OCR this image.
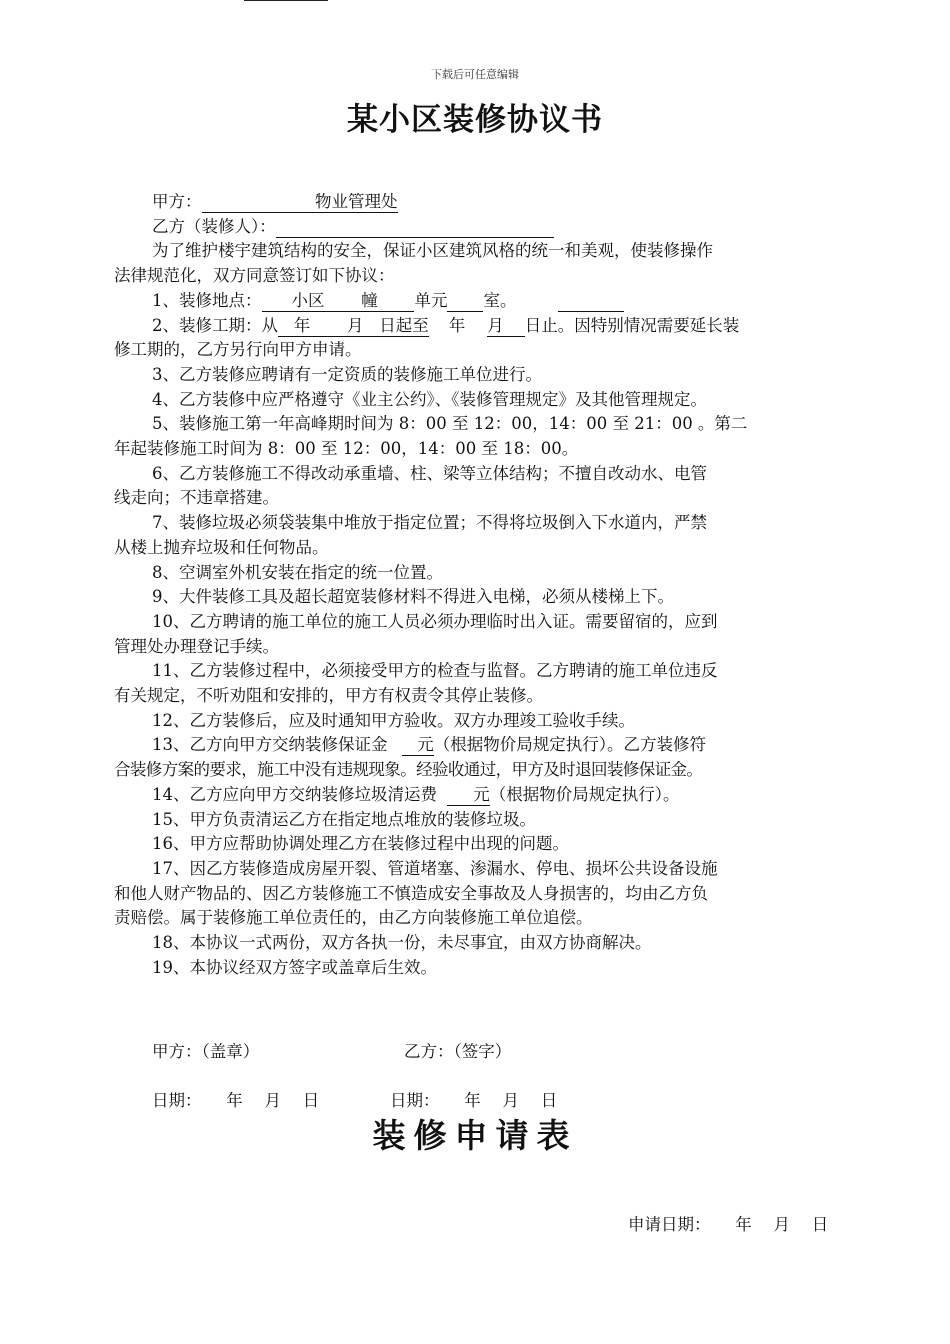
下载后可任意编辑
某小区装修协议书
甲方：	物业管理处
乙方（装修人）：
为了维护楼宇建筑结构的安全，保证小区建筑风格的统一和美观，使装修操作
法律规范化，双方同意签订如下协议：
1、装修地点： 小区 幢 单元 室。
2、装修工期：从 年 月 日起至 年 月 日止。因特别情况需要延长装
修工期的，乙方另行向甲方申请。
3、乙方装修应聘请有一定资质的装修施工单位进行。
4、乙方装修中应严格遵守《业主公约》、《装修管理规定》及其他管理规定。
5、装修施工第一年高峰期时间为 8：00 至 12：00，14：00 至 21：00 。第二
年起装修施工时间为 8：00 至 12：00，14：00 至 18：00。
6、乙方装修施工不得改动承重墙、柱、梁等立体结构；不擅自改动水、电管
线走向；不违章搭建。
7、装修垃圾必须袋装集中堆放于指定位置；不得将垃圾倒入下水道内，严禁
从楼上抛弃垃圾和任何物品。
8、空调室外机安装在指定的统一位置。
9、大件装修工具及超长超宽装修材料不得进入电梯，必须从楼梯上下。
10、乙方聘请的施工单位的施工人员必须办理临时出入证。需要留宿的，应到
管理处办理登记手续。
11、乙方装修过程中，必须接受甲方的检查与监督。乙方聘请的施工单位违反
有关规定，不听劝阻和安排的，甲方有权责令其停止装修。
12、乙方装修后，应及时通知甲方验收。双方办理竣工验收手续。
13、乙方向甲方交纳装修保证金 元（根据物价局规定执行）。乙方装修符
合装修方案的要求，施工中没有违规现象。经验收通过，甲方及时退回装修保证金。
14、乙方应向甲方交纳装修垃圾清运费 元（根据物价局规定执行）。
15、甲方负责清运乙方在指定地点堆放的装修垃圾。
16、甲方应帮助协调处理乙方在装修过程中出现的问题。
17、因乙方装修造成房屋开裂、管道堵塞、渗漏水、停电、损坏公共设备设施
和他人财产物品的、因乙方装修施工不慎造成安全事故及人身损害的，均由乙方负
责赔偿。属于装修施工单位责任的，由乙方向装修施工单位追偿。
18、本协议一式两份，双方各执一份，未尽事宜，由双方协商解决。
19、本协议经双方签字或盖章后生效。
甲方：（盖章）	乙方：（签字）
日期：　　年　 月　 日	日期：　　年　 月　 日
装修申请表
申请日期：　　年　 月　 日
